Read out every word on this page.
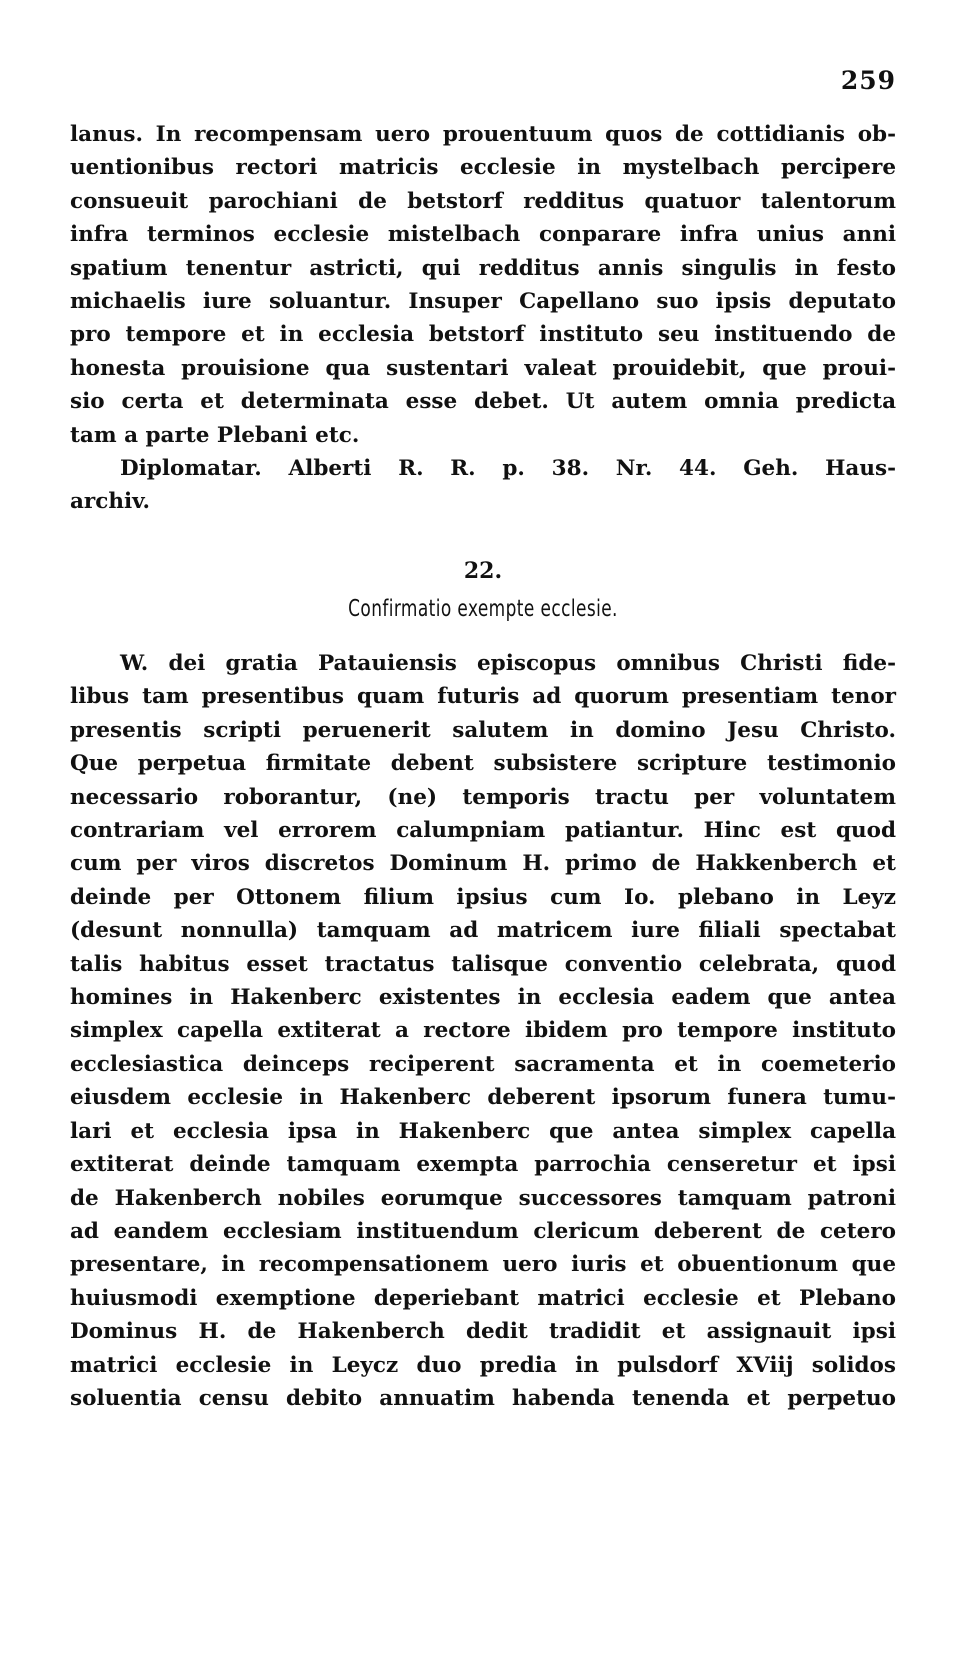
259
lanus. In recompensam uero prouentuum quos de cottidianis ob-
uentionibus rectori matricis ecclesie in mystelbach percipere
consueuit parochiani de betstorf redditus quatuor talentorum
infra terminos ecclesie mistelbach conparare infra unius anni
spatium tenentur astricti, qui redditus annis singulis in festo
michaelis iure soluantur. Insuper Capellano suo ipsis deputato
pro tempore et in ecclesia betstorf instituto seu instituendo de
honesta prouisione qua sustentari valeat prouidebit, que proui-
sio certa et determinata esse debet. Ut autem omnia predicta
tam a parte Plebani etc.
Diplomatar. Alberti R. R. p. 38. Nr. 44. Geh. Haus-
archiv.
22.
Confirmatio exempte ecclesie.
W. dei gratia Patauiensis episcopus omnibus Christi fide-
libus tam presentibus quam futuris ad quorum presentiam tenor
presentis scripti peruenerit salutem in domino Jesu Christo.
Que perpetua firmitate debent subsistere scripture testimonio
necessario roborantur, (ne) temporis tractu per voluntatem
contrariam vel errorem calumpniam patiantur. Hinc est quod
cum per viros discretos Dominum H. primo de Hakkenberch et
deinde per Ottonem filium ipsius cum Io. plebano in Leyz
(desunt nonnulla) tamquam ad matricem iure filiali spectabat
talis habitus esset tractatus talisque conventio celebrata, quod
homines in Hakenberc existentes in ecclesia eadem que antea
simplex capella extiterat a rectore ibidem pro tempore instituto
ecclesiastica deinceps reciperent sacramenta et in coemeterio
eiusdem ecclesie in Hakenberc deberent ipsorum funera tumu-
lari et ecclesia ipsa in Hakenberc que antea simplex capella
extiterat deinde tamquam exempta parrochia censeretur et ipsi
de Hakenberch nobiles eorumque successores tamquam patroni
ad eandem ecclesiam instituendum clericum deberent de cetero
presentare, in recompensationem uero iuris et obuentionum que
huiusmodi exemptione deperiebant matrici ecclesie et Plebano
Dominus H. de Hakenberch dedit tradidit et assignauit ipsi
matrici ecclesie in Leycz duo predia in pulsdorf XViij solidos
soluentia censu debito annuatim habenda tenenda et perpetuo
